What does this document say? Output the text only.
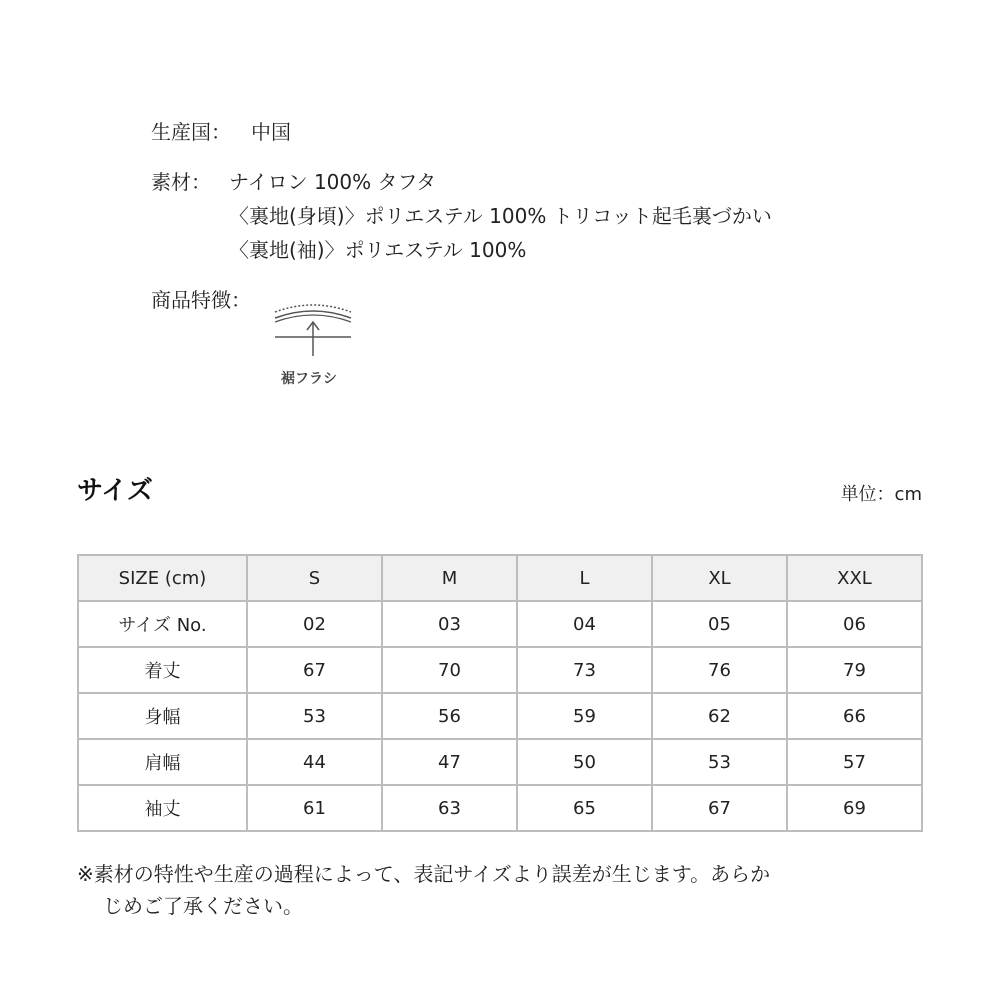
生産国： 中国
素材： ナイロン 100% タフタ
〈裏地(身頃)〉ポリエステル 100% トリコット起毛裏づかい
〈裏地(袖)〉ポリエステル 100%
商品特徴：
裾フラシ
サイズ	単位：cm
SIZE (cm)	S	M	L	XL	XXL
サイズ No.	02	03	04	05	06
着丈	67	70	73	76	79
身幅	53	56	59	62	66
肩幅	44	47	50	53	57
袖丈	61	63	65	67	69
※素材の特性や生産の過程によって、表記サイズより誤差が生じます。あらか
じめご了承ください。
